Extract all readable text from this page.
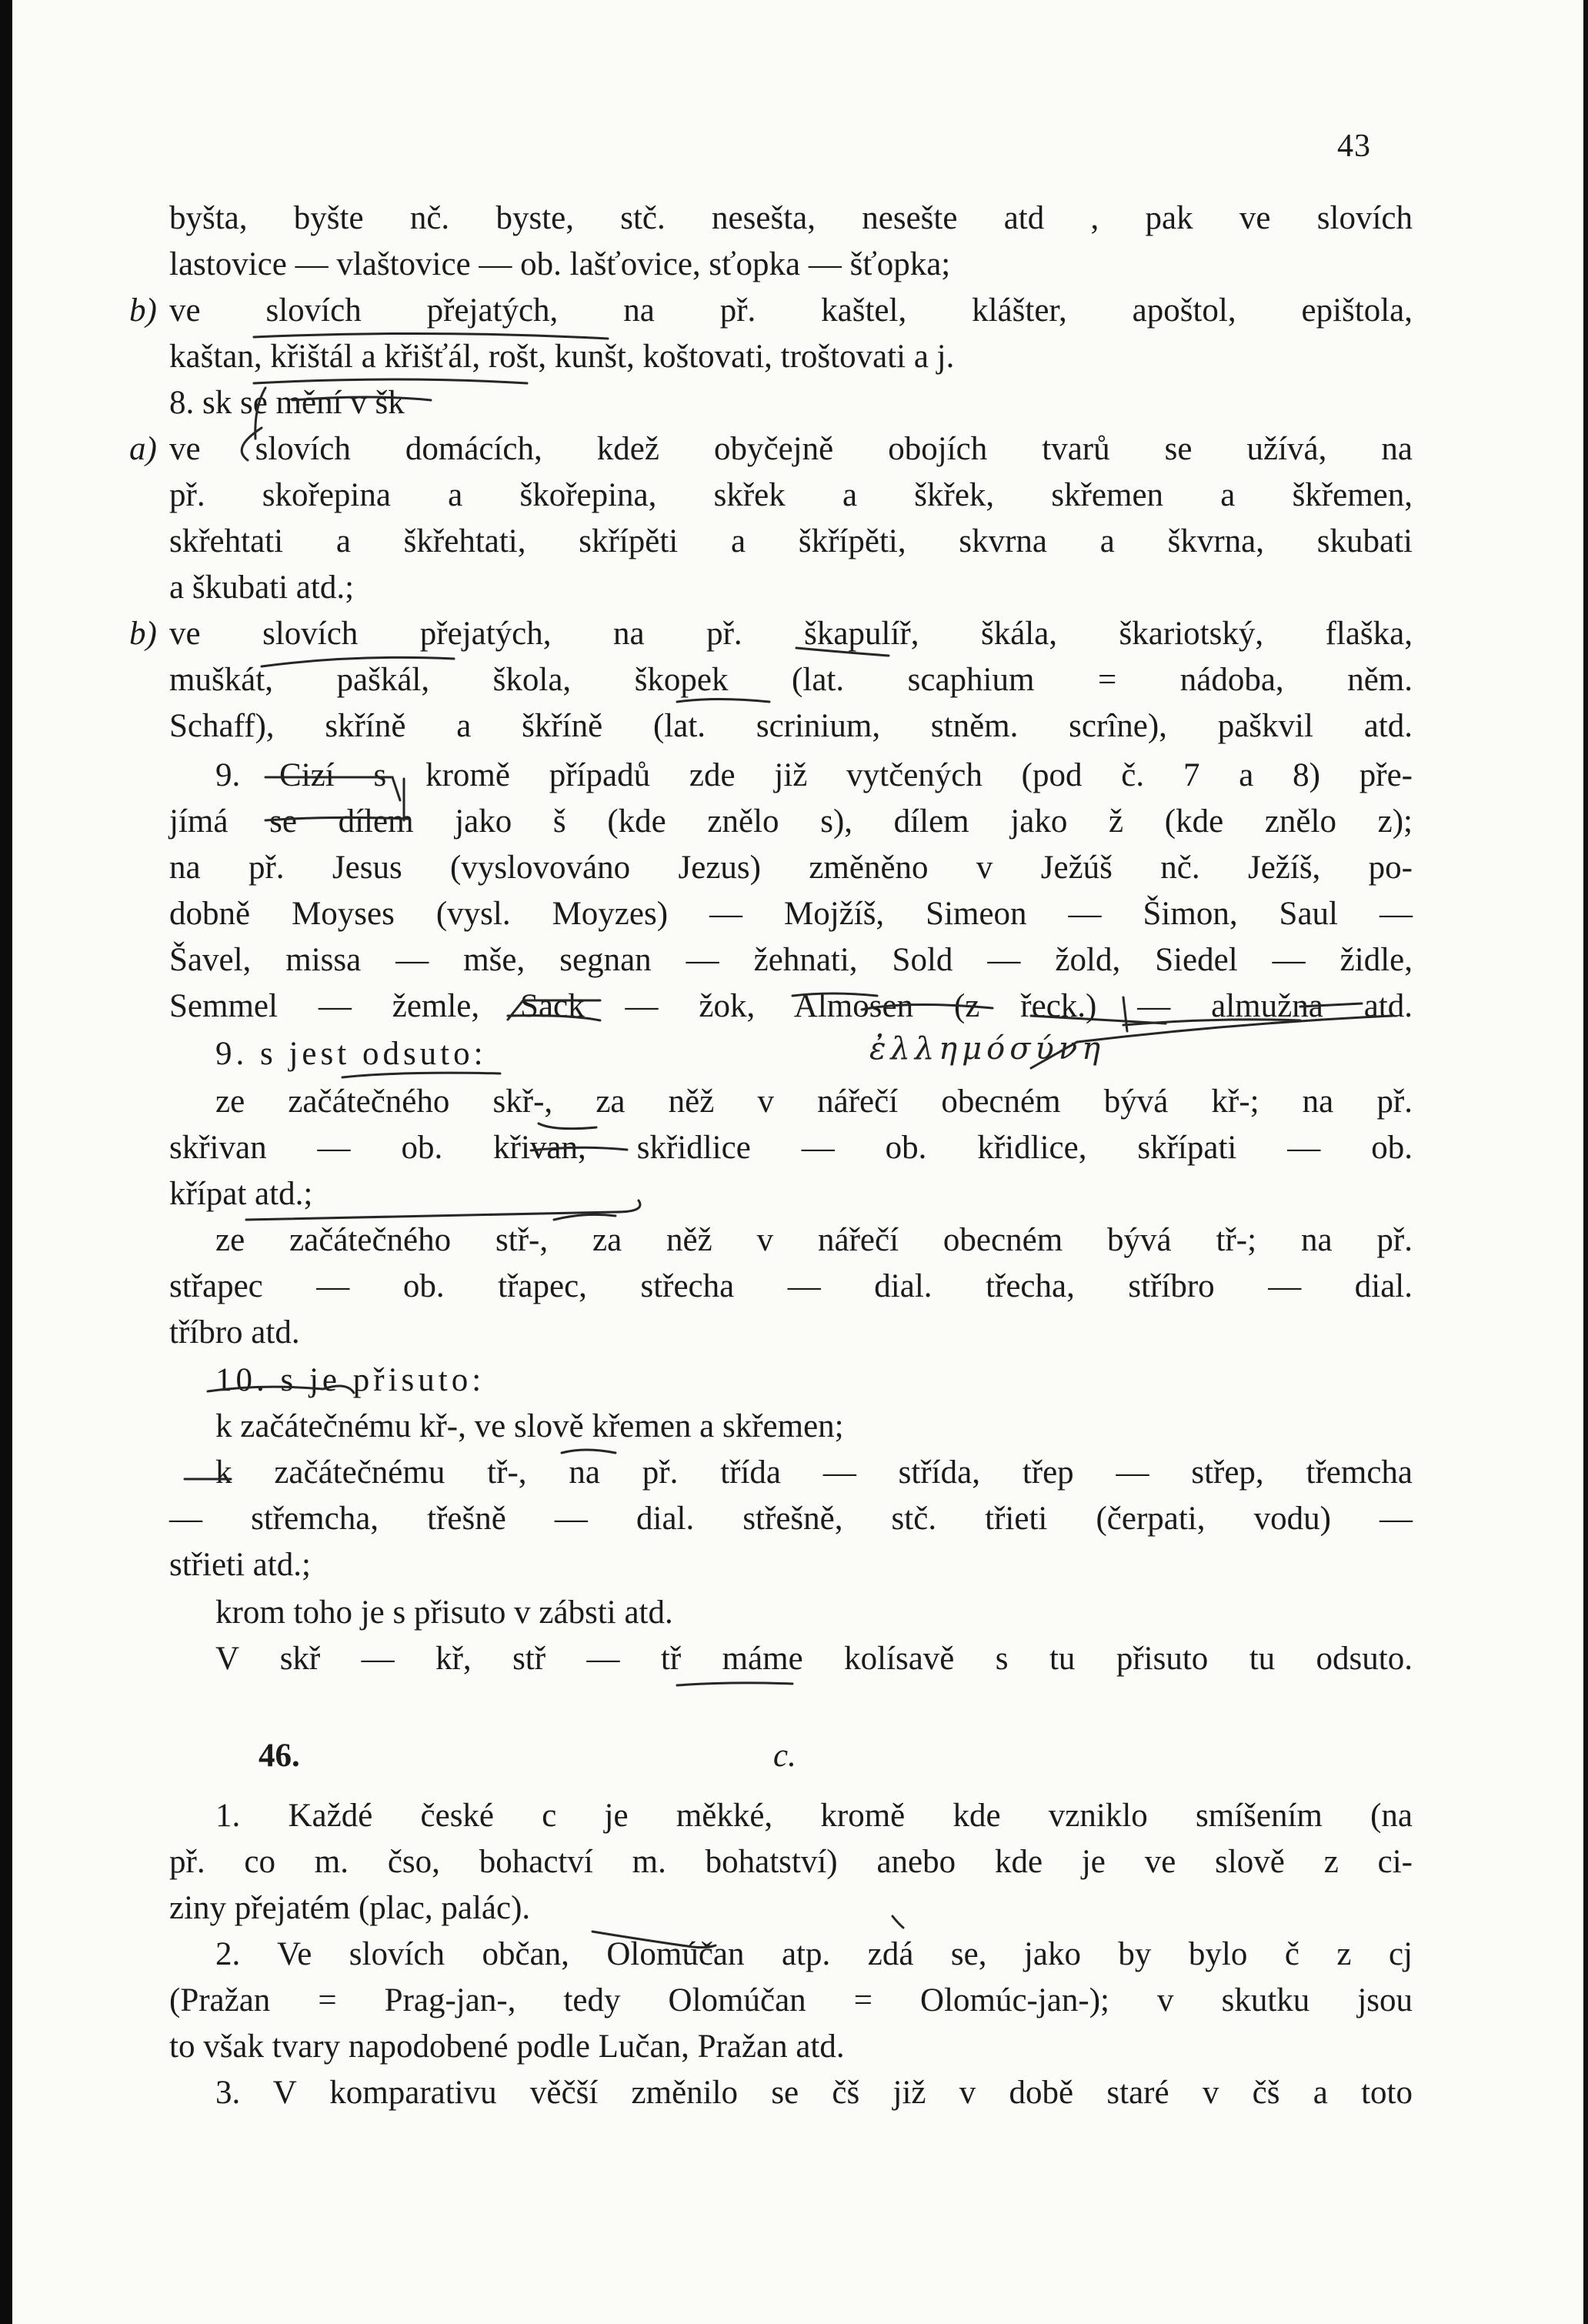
43
byšta, byšte nč. byste, stč. nesešta, nesešte atd , pak ve slovích
lastovice — vlaštovice — ob. lašťovice, sťopka — šťopka;
b) ve slovích přejatých, na př. kaštel, klášter, apoštol, epištola,
kaštan, křištál a křišťál, rošt, kunšt, koštovati, troštovati a j.
8. sk se mění v šk
a) ve slovích domácích, kdež obyčejně obojích tvarů se užívá, na
př. skořepina a škořepina, skřek a škřek, skřemen a škřemen,
skřehtati a škřehtati, skřípěti a škřípěti, skvrna a škvrna, skubati
a škubati atd.;
b) ve slovích přejatých, na př. škapulíř, škála, škariotský, flaška,
muškát, paškál, škola, škopek (lat. scaphium = nádoba, něm.
Schaff), skříně a škříně (lat. scrinium, stněm. scrîne), paškvil atd.
9. Cizí s kromě případů zde již vytčených (pod č. 7 a 8) pře-
jímá se dílem jako š (kde znělo s), dílem jako ž (kde znělo z);
na př. Jesus (vyslovováno Jezus) změněno v Ježúš nč. Ježíš, po-
dobně Moyses (vysl. Moyzes) — Mojžíš, Simeon — Šimon, Saul —
Šavel, missa — mše, segnan — žehnati, Sold — žold, Siedel — židle,
Semmel — žemle, Sack — žok, Almosen (z řeck.) — almužna atd.
9. s jest odsuto:
ze začátečného skř-, za něž v nářečí obecném bývá kř-; na př.
skřivan — ob. křivan, skřidlice — ob. křidlice, skřípati — ob.
křípat atd.;
ze začátečného stř-, za něž v nářečí obecném bývá tř-; na př.
střapec — ob. třapec, střecha — dial. třecha, stříbro — dial.
tříbro atd.
10. s je přisuto:
k začátečnému kř-, ve slově křemen a skřemen;
k začátečnému tř-, na př. třída — střída, třep — střep, třemcha
— střemcha, třešně — dial. střešně, stč. třieti (čerpati, vodu) —
střieti atd.;
krom toho je s přisuto v zábsti atd.
V skř — kř, stř — tř máme kolísavě s tu přisuto tu odsuto.
46.	c.
1. Každé české c je měkké, kromě kde vzniklo smíšením (na
př. co m. čso, bohactví m. bohatství) anebo kde je ve slově z ci-
ziny přejatém (plac, palác).
2. Ve slovích občan, Olomúčan atp. zdá se, jako by bylo č z cj
(Pražan = Prag-jan-, tedy Olomúčan = Olomúc-jan-); v skutku jsou
to však tvary napodobené podle Lučan, Pražan atd.
3. V komparativu věčší změnilo se čš již v době staré v čš a toto
ἐλλημόσύνη
